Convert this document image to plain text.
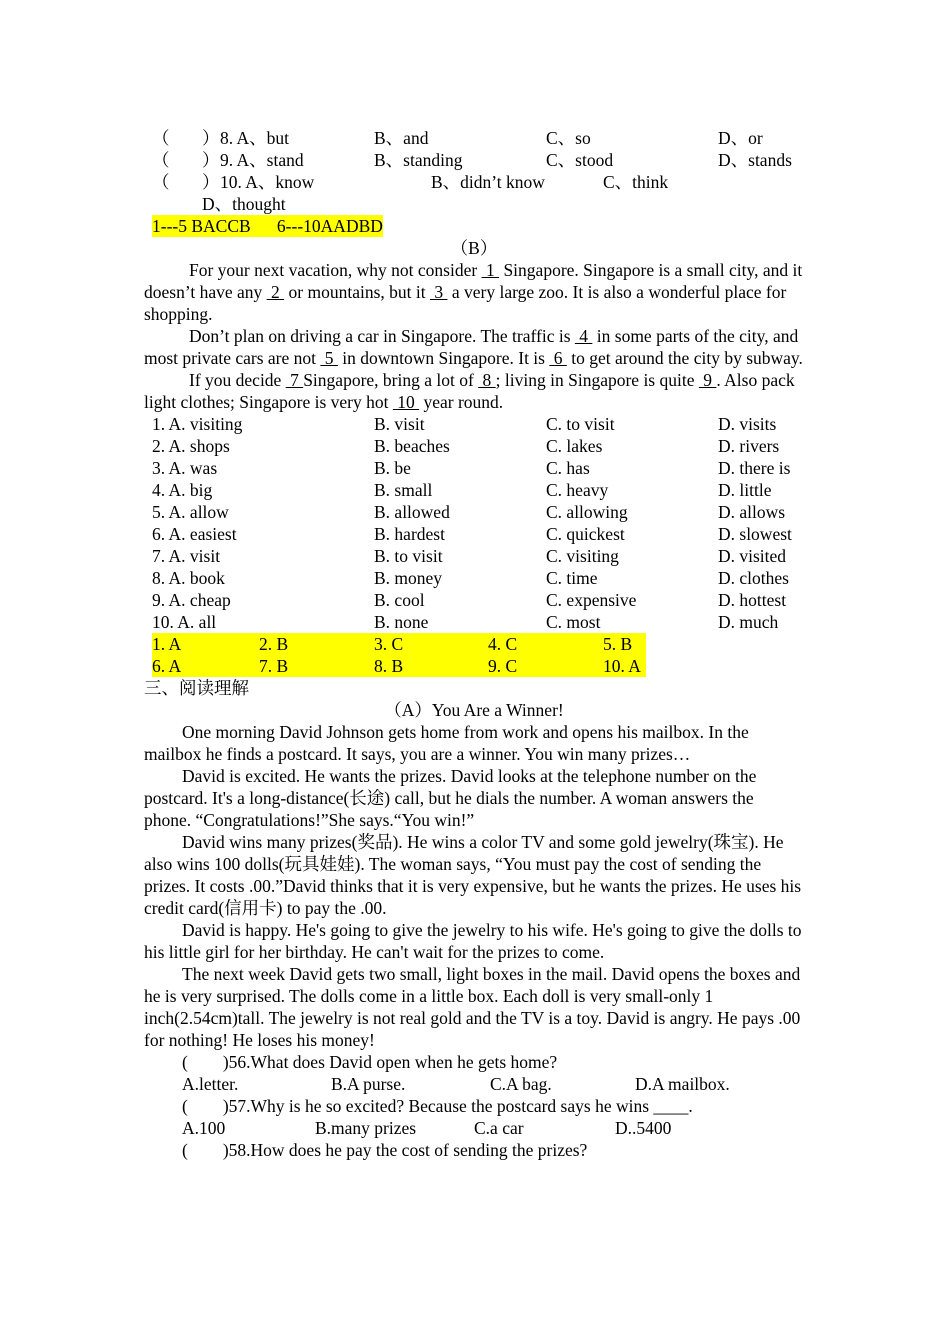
（ ） 8. A、but	B、and	C、so	D、or
（ ） 9. A、stand	B、standing	C、stood	D、stands
（ ） 10. A、know	B、didn’t know	C、think
D、thought
1---5 BACCB      6---10AADBD
（B）

For your next vacation, why not consider  1  Singapore. Singapore is a small city, and it doesn’t have any  2  or mountains, but it  3  a very large zoo. It is also a wonderful place for shopping.

Don’t plan on driving a car in Singapore. The traffic is  4  in some parts of the city, and most private cars are not  5  in downtown Singapore. It is  6  to get around the city by subway.

If you decide  7 Singapore, bring a lot of  8 ; living in Singapore is quite  9 . Also pack light clothes; Singapore is very hot  10  year round.

1. A. visiting	B. visit	C. to visit	D. visits
2. A. shops	B. beaches	C. lakes	D. rivers
3. A. was	B. be	C. has	D. there is
4. A. big	B. small	C. heavy	D. little
5. A. allow	B. allowed	C. allowing	D. allows
6. A. easiest	B. hardest	C. quickest	D. slowest
7. A. visit	B. to visit	C. visiting	D. visited
8. A. book	B. money	C. time	D. clothes
9. A. cheap	B. cool	C. expensive	D. hottest
10. A. all	B. none	C. most	D. much
1. A	2. B	3. C	4. C	5. B
6. A	7. B	8. B	9. C	10. A
三、阅读理解
（A）You Are a Winner!

One morning David Johnson gets home from work and opens his mailbox. In the mailbox he finds a postcard. It says, you are a winner. You win many prizes…

David is excited. He wants the prizes. David looks at the telephone number on the postcard. It's a long-distance(长途) call, but he dials the number. A woman answers the phone. “Congratulations!”She says.“You win!”

David wins many prizes(奖品). He wins a color TV and some gold jewelry(珠宝). He also wins 100 dolls(玩具娃娃). The woman says, “You must pay the cost of sending the prizes. It costs .00.”David thinks that it is very expensive, but he wants the prizes. He uses his credit card(信用卡) to pay the .00.

David is happy. He's going to give the jewelry to his wife. He's going to give the dolls to his little girl for her birthday. He can't wait for the prizes to come.

The next week David gets two small, light boxes in the mail. David opens the boxes and he is very surprised. The dolls come in a little box. Each doll is very small-only 1 inch(2.54cm)tall. The jewelry is not real gold and the TV is a toy. David is angry. He pays .00 for nothing! He loses his money!

(        )56.What does David open when he gets home?
A.letter.	B.A purse.	C.A bag.	D.A mailbox.
(        )57.Why is he so excited? Because the postcard says he wins ____.
A.100	B.many prizes	C.a car	D..5400
(        )58.How does he pay the cost of sending the prizes?
